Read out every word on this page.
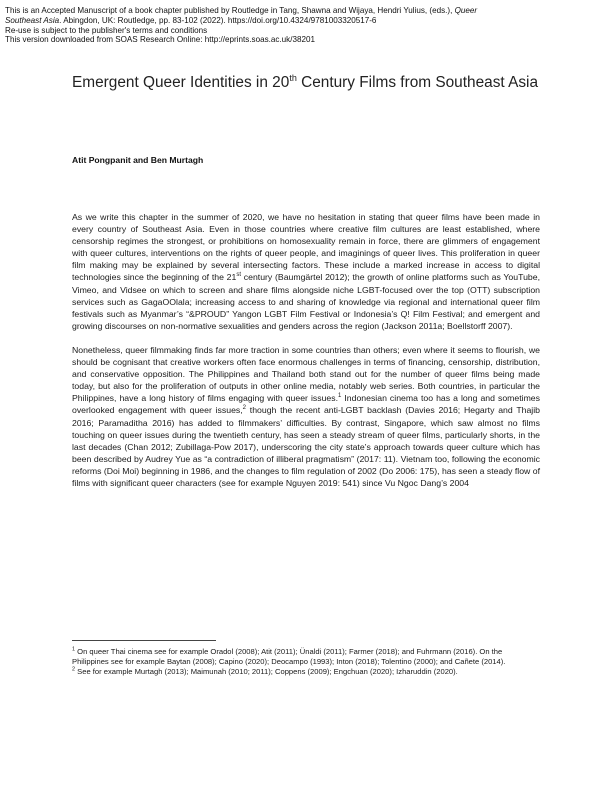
This is an Accepted Manuscript of a book chapter published by Routledge in Tang, Shawna and Wijaya, Hendri Yulius, (eds.), Queer

Southeast Asia. Abingdon, UK: Routledge, pp. 83-102 (2022). https://doi.org/10.4324/9781003320517-6

Re-use is subject to the publisher's terms and conditions

This version downloaded from SOAS Research Online: http://eprints.soas.ac.uk/38201

Emergent Queer Identities in 20th Century Films from Southeast Asia
Atit Pongpanit and Ben Murtagh

As we write this chapter in the summer of 2020, we have no hesitation in stating that queer films have been made in every country of Southeast Asia. Even in those countries where creative film cultures are least established, where censorship regimes the strongest, or prohibitions on homosexuality remain in force, there are glimmers of engagement with queer cultures, interventions on the rights of queer people, and imaginings of queer lives. This proliferation in queer film making may be explained by several intersecting factors. These include a marked increase in access to digital technologies since the beginning of the 21st century (Baumgärtel 2012); the growth of online platforms such as YouTube, Vimeo, and Vidsee on which to screen and share films alongside niche LGBT-focused over the top (OTT) subscription services such as GagaOOlala; increasing access to and sharing of knowledge via regional and international queer film festivals such as Myanmar’s “&PROUD” Yangon LGBT Film Festival or Indonesia’s Q! Film Festival; and emergent and growing discourses on non-normative sexualities and genders across the region (Jackson 2011a; Boellstorff 2007).

Nonetheless, queer filmmaking finds far more traction in some countries than others; even where it seems to flourish, we should be cognisant that creative workers often face enormous challenges in terms of financing, censorship, distribution, and conservative opposition. The Philippines and Thailand both stand out for the number of queer films being made today, but also for the proliferation of outputs in other online media, notably web series. Both countries, in particular the Philippines, have a long history of films engaging with queer issues.$^1$ Indonesian cinema too has a long and sometimes overlooked engagement with queer issues,$^2$ though the recent anti-LGBT backlash (Davies 2016; Hegarty and Thajib 2016; Paramaditha 2016) has added to filmmakers’ difficulties. By contrast, Singapore, which saw almost no films touching on queer issues during the twentieth century, has seen a steady stream of queer films, particularly shorts, in the last decades (Chan 2012; Zubillaga-Pow 2017), underscoring the city state’s approach towards queer culture which has been described by Audrey Yue as “a contradiction of illiberal pragmatism” (2017: 11). Vietnam too, following the economic reforms (Doi Moi) beginning in 1986, and the changes to film regulation of 2002 (Do 2006: 175), has seen a steady flow of films with significant queer characters (see for example Nguyen 2019: 541) since Vu Ngoc Dang’s 2004

$^1$ On queer Thai cinema see for example Oradol (2008); Atit (2011); Ünaldi (2011); Farmer (2018); and Fuhrmann (2016). On the Philippines see for example Baytan (2008); Capino (2020); Deocampo (1993); Inton (2018); Tolentino (2000); and Cañete (2014).

$^2$ See for example Murtagh (2013); Maimunah (2010; 2011); Coppens (2009); Engchuan (2020); Izharuddin (2020).
